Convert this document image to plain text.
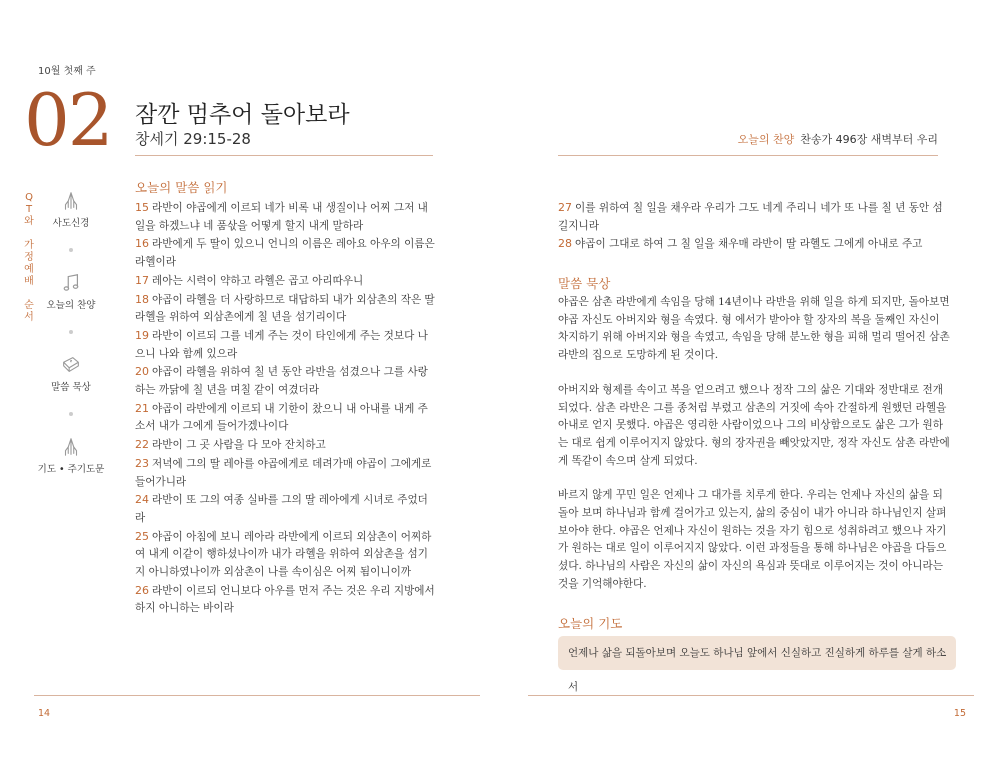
10월 첫째 주
02 잠깐 멈추어 돌아보라
창세기 29:15-28	오늘의 찬양 찬송가 496장 새벽부터 우리
Q
T
와
가
정
예
배
순
서
사도신경
오늘의 찬양
말씀 묵상
기도 • 주기도문
오늘의 말씀 읽기

15 라반이 야곱에게 이르되 네가 비록 내 생질이나 어찌 그저 내 일을 하겠느냐 네 품삯을 어떻게 할지 내게 말하라

16 라반에게 두 딸이 있으니 언니의 이름은 레아요 아우의 이름은 라헬이라

17 레아는 시력이 약하고 라헬은 곱고 아리따우니

18 야곱이 라헬을 더 사랑하므로 대답하되 내가 외삼촌의 작은 딸 라헬을 위하여 외삼촌에게 칠 년을 섬기리이다

19 라반이 이르되 그를 네게 주는 것이 타인에게 주는 것보다 나으니 나와 함께 있으라

20 야곱이 라헬을 위하여 칠 년 동안 라반을 섬겼으나 그를 사랑하는 까닭에 칠 년을 며칠 같이 여겼더라

21 야곱이 라반에게 이르되 내 기한이 찼으니 내 아내를 내게 주소서 내가 그에게 들어가겠나이다

22 라반이 그 곳 사람을 다 모아 잔치하고

23 저녁에 그의 딸 레아를 야곱에게로 데려가매 야곱이 그에게로 들어가니라

24 라반이 또 그의 여종 실바를 그의 딸 레아에게 시녀로 주었더라

25 야곱이 아침에 보니 레아라 라반에게 이르되 외삼촌이 어찌하여 내게 이같이 행하셨나이까 내가 라헬을 위하여 외삼촌을 섬기지 아니하였나이까 외삼촌이 나를 속이심은 어찌 됨이니이까

26 라반이 이르되 언니보다 아우를 먼저 주는 것은 우리 지방에서 하지 아니하는 바이라

27 이를 위하여 칠 일을 채우라 우리가 그도 네게 주리니 네가 또 나를 칠 년 동안 섬길지니라

28 야곱이 그대로 하여 그 칠 일을 채우매 라반이 딸 라헬도 그에게 아내로 주고

말씀 묵상

야곱은 삼촌 라반에게 속임을 당해 14년이나 라반을 위해 일을 하게 되지만, 돌아보면 야곱 자신도 아버지와 형을 속였다. 형 에서가 받아야 할 장자의 복을 둘째인 자신이 차지하기 위해 아버지와 형을 속였고, 속임을 당해 분노한 형을 피해 멀리 떨어진 삼촌 라반의 집으로 도망하게 된 것이다.

아버지와 형제를 속이고 복을 얻으려고 했으나 정작 그의 삶은 기대와 정반대로 전개되었다. 삼촌 라반은 그를 종처럼 부렸고 삼촌의 거짓에 속아 간절하게 원했던 라헬을 아내로 얻지 못했다. 야곱은 영리한 사람이었으나 그의 비상함으로도 삶은 그가 원하는 대로 쉽게 이루어지지 않았다. 형의 장자권을 빼앗았지만, 정작 자신도 삼촌 라반에게 똑같이 속으며 살게 되었다.

바르지 않게 꾸민 일은 언제나 그 대가를 치루게 한다. 우리는 언제나 자신의 삶을 되돌아 보며 하나님과 함께 걸어가고 있는지, 삶의 중심이 내가 아니라 하나님인지 살펴보아야 한다. 야곱은 언제나 자신이 원하는 것을 자기 힘으로 성취하려고 했으나 자기가 원하는 대로 일이 이루어지지 않았다. 이런 과정들을 통해 하나님은 야곱을 다듬으셨다. 하나님의 사람은 자신의 삶이 자신의 욕심과 뜻대로 이루어지는 것이 아니라는 것을 기억해야한다.

오늘의 기도
언제나 삶을 되돌아보며 오늘도 하나님 앞에서 신실하고 진실하게 하루를 살게 하소서
14	15
